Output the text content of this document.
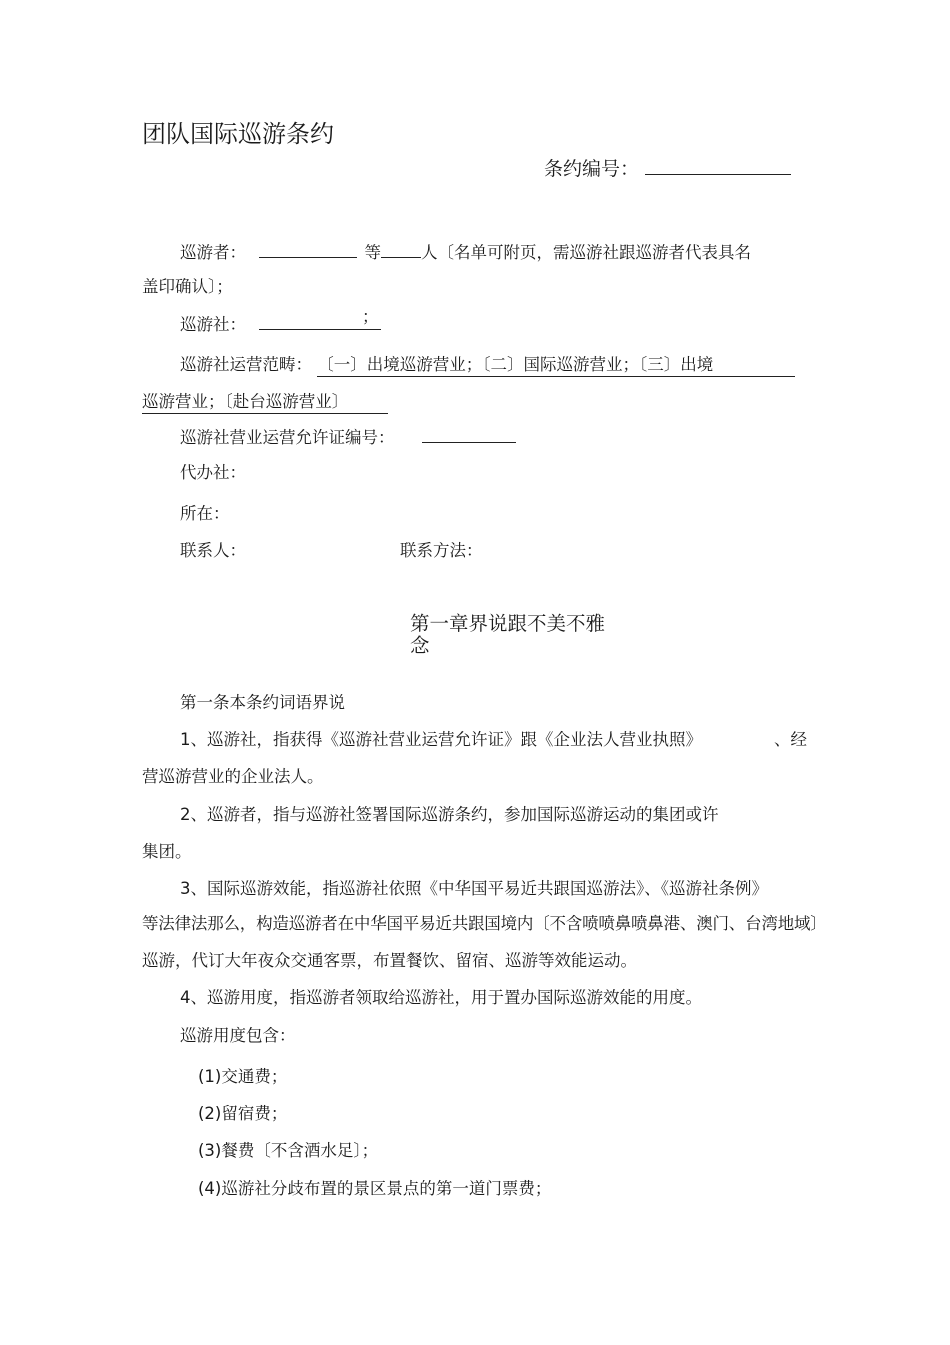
团队国际巡游条约
条约编号：
巡游者：	等 人〔名单可附页，需巡游社跟巡游者代表具名
盖印确认〕；
巡游社：	；
巡游社运营范畴： 〔一〕出境巡游营业；〔二〕国际巡游营业；〔三〕出境
巡游营业；〔赴台巡游营业〕
巡游社营业运营允许证编号：
代办社：
所在：
联系人：	联系方法：
第一章界说跟不美不雅
念
第一条本条约词语界说
1、巡游社，指获得《巡游社营业运营允许证》跟《企业法人营业执照》	、经
营巡游营业的企业法人。
2、巡游者，指与巡游社签署国际巡游条约，参加国际巡游运动的集团或许
集团。
3、国际巡游效能，指巡游社依照《中华国平易近共跟国巡游法》、《巡游社条例》
等法律法那么，构造巡游者在中华国平易近共跟国境内〔不含喷喷鼻喷鼻港、澳门、台湾地域〕
巡游，代订大年夜众交通客票，布置餐饮、留宿、巡游等效能运动。
4、巡游用度，指巡游者领取给巡游社，用于置办国际巡游效能的用度。
巡游用度包含：
(1)交通费；
(2)留宿费；
(3)餐费〔不含酒水足〕；
(4)巡游社分歧布置的景区景点的第一道门票费；
